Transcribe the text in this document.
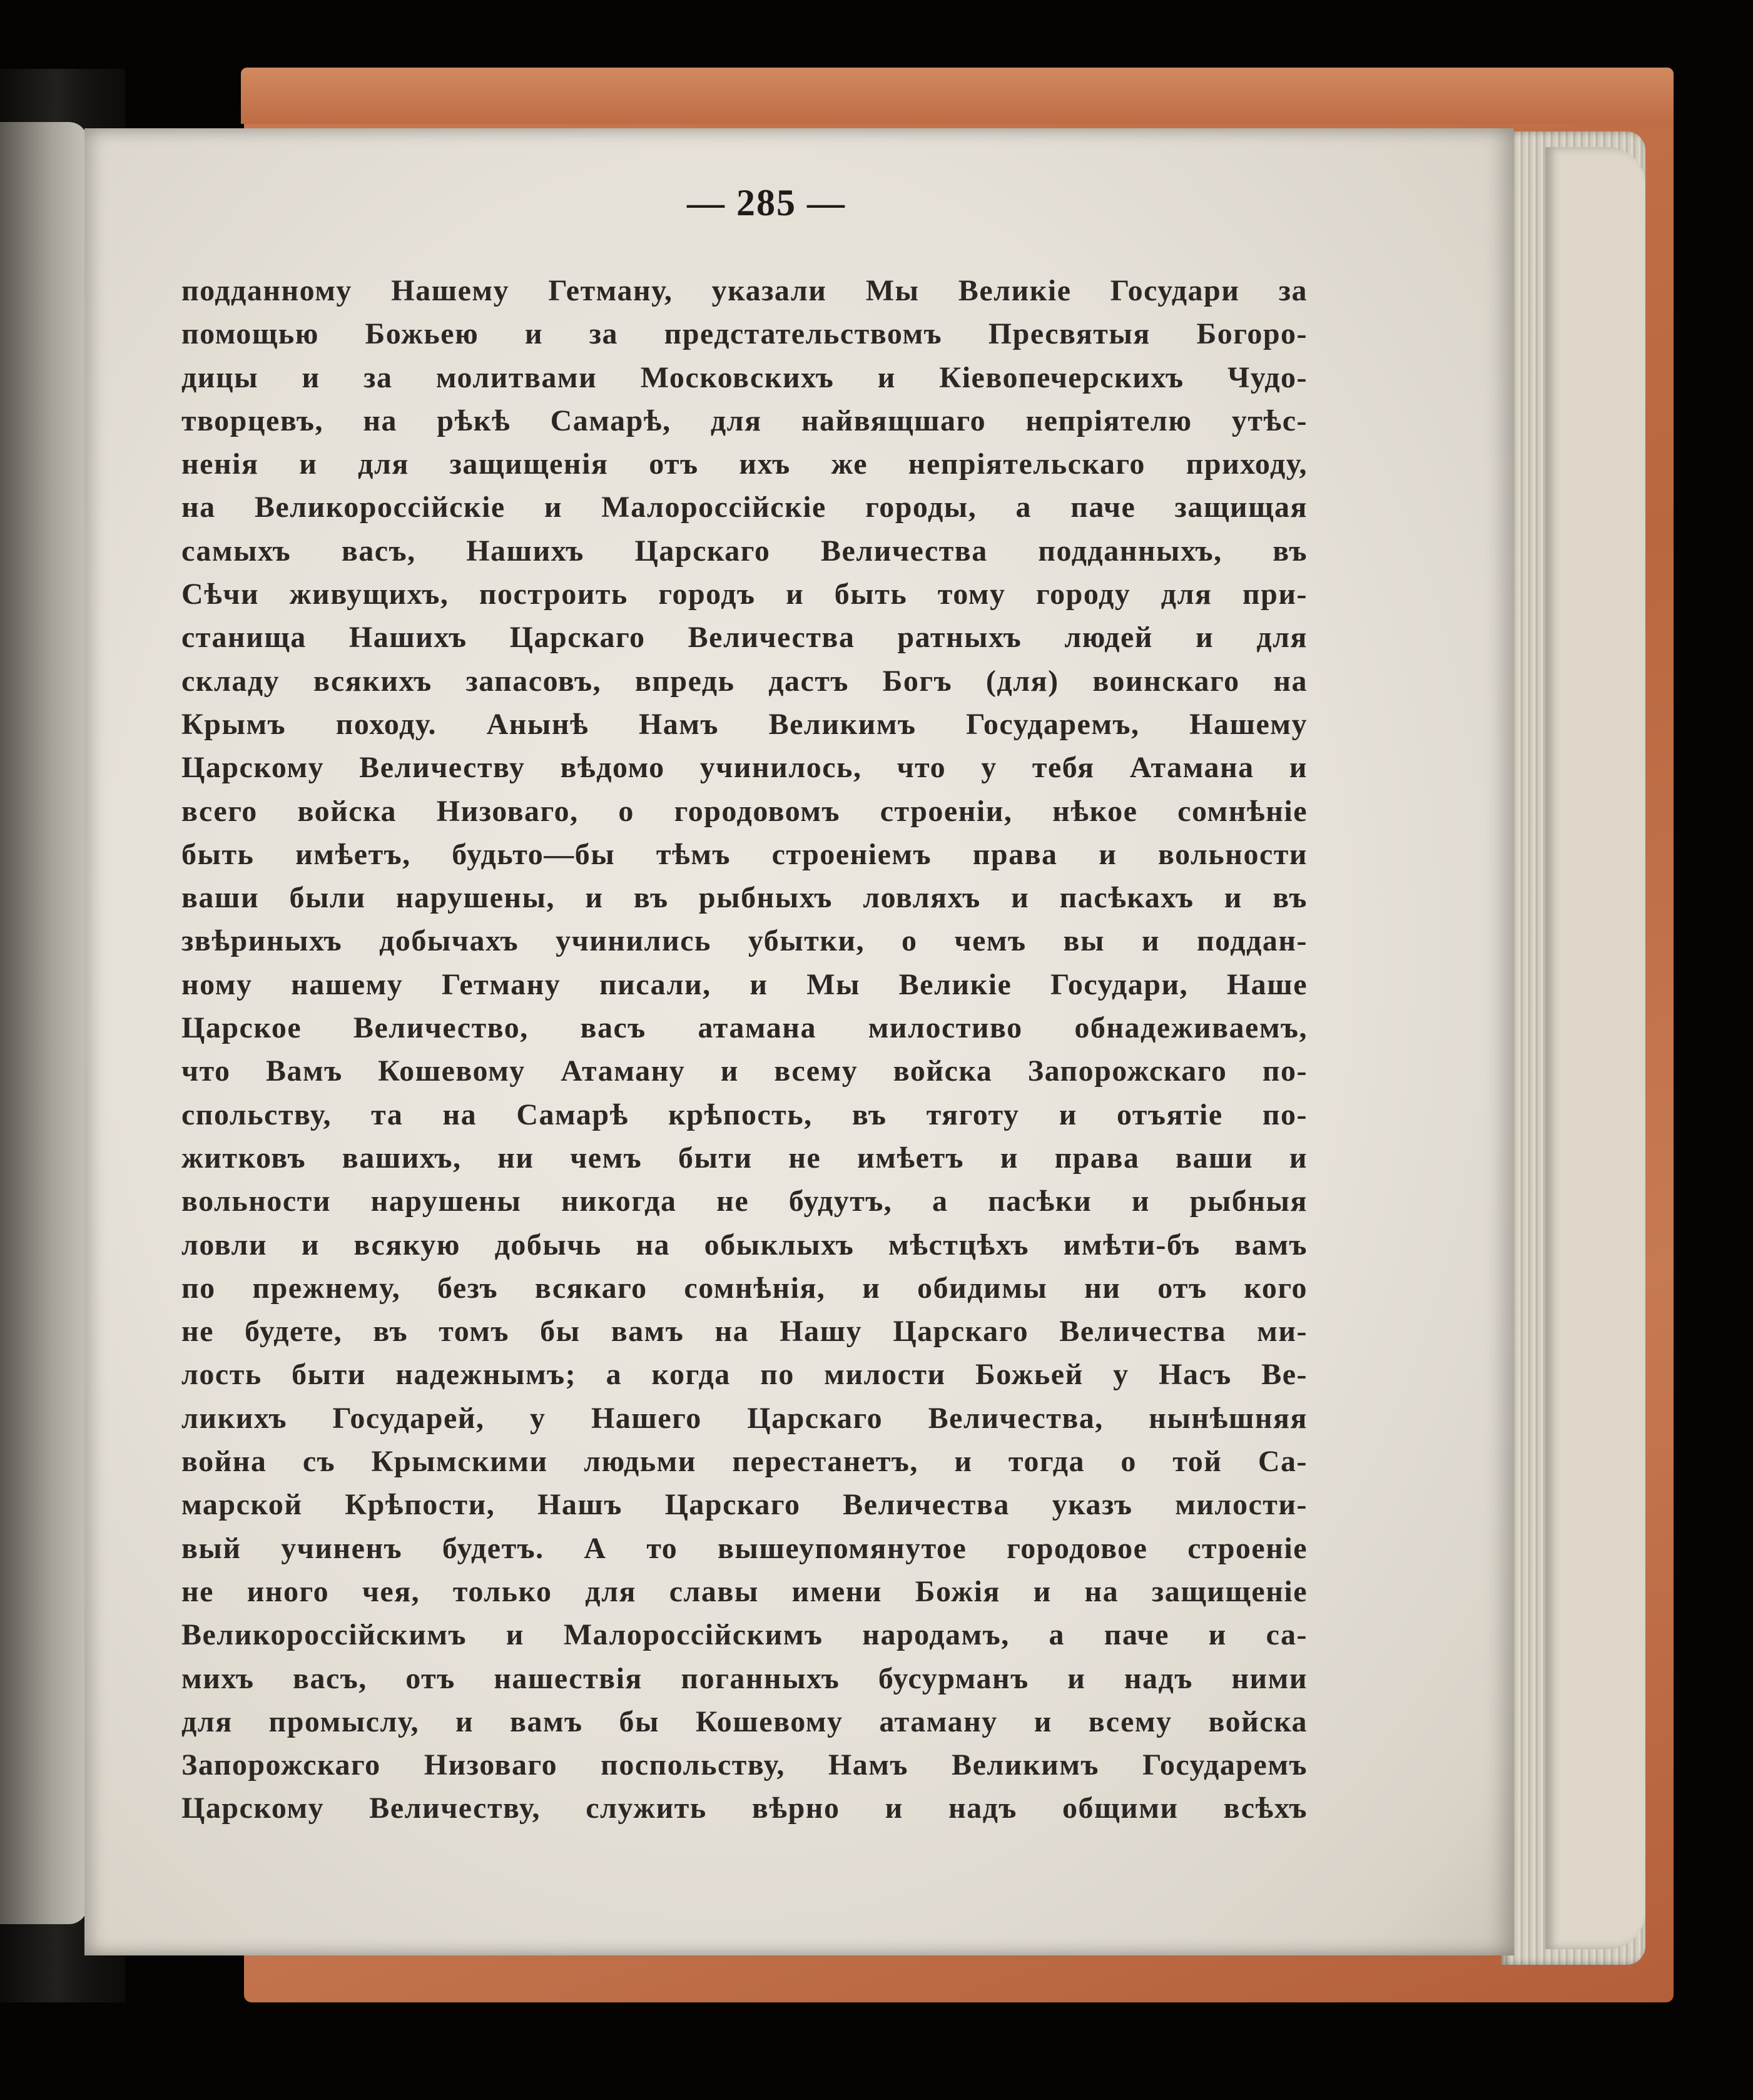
— 285 —
подданному Нашему Гетману, указали Мы Великіе Государи за
помощью Божьею и за предстательствомъ Пресвятыя Богоро-
дицы и за молитвами Московскихъ и Кіевопечерскихъ Чудо-
творцевъ, на рѣкѣ Самарѣ, для найвящшаго непріятелю утѣс-
ненія и для защищенія отъ ихъ же непріятельскаго приходу,
на Великороссійскіе и Малороссійскіе городы, а паче защищая
самыхъ васъ, Нашихъ Царскаго Величества подданныхъ, въ
Сѣчи живущихъ, построить городъ и быть тому городу для при-
станища Нашихъ Царскаго Величества ратныхъ людей и для
складу всякихъ запасовъ, впредь дастъ Богъ (для) воинскаго на
Крымъ походу. Анынѣ Намъ Великимъ Государемъ, Нашему
Царскому Величеству вѣдомо учинилось, что у тебя Атамана и
всего войска Низоваго, о городовомъ строеніи, нѣкое сомнѣніе
быть имѣетъ, будьто—бы тѣмъ строеніемъ права и вольности
ваши были нарушены, и въ рыбныхъ ловляхъ и пасѣкахъ и въ
звѣриныхъ добычахъ учинились убытки, о чемъ вы и поддан-
ному нашему Гетману писали, и Мы Великіе Государи, Наше
Царское Величество, васъ атамана милостиво обнадеживаемъ,
что Вамъ Кошевому Атаману и всему войска Запорожскаго по-
спольству, та на Самарѣ крѣпость, въ тяготу и отъятіе по-
житковъ вашихъ, ни чемъ быти не имѣетъ и права ваши и
вольности нарушены никогда не будутъ, а пасѣки и рыбныя
ловли и всякую добычь на обыклыхъ мѣстцѣхъ имѣти-бъ вамъ
по прежнему, безъ всякаго сомнѣнія, и обидимы ни отъ кого
не будете, въ томъ бы вамъ на Нашу Царскаго Величества ми-
лость быти надежнымъ; а когда по милости Божьей у Насъ Ве-
ликихъ Государей, у Нашего Царскаго Величества, нынѣшняя
война съ Крымскими людьми перестанетъ, и тогда о той Са-
марской Крѣпости, Нашъ Царскаго Величества указъ милости-
вый учиненъ будетъ. А то вышеупомянутое городовое строеніе
не иного чея, только для славы имени Божія и на защищеніе
Великороссійскимъ и Малороссійскимъ народамъ, а паче и са-
михъ васъ, отъ нашествія поганныхъ бусурманъ и надъ ними
для промыслу, и вамъ бы Кошевому атаману и всему войска
Запорожскаго Низоваго поспольству, Намъ Великимъ Государемъ
Царскому Величеству, служить вѣрно и надъ общими всѣхъ
